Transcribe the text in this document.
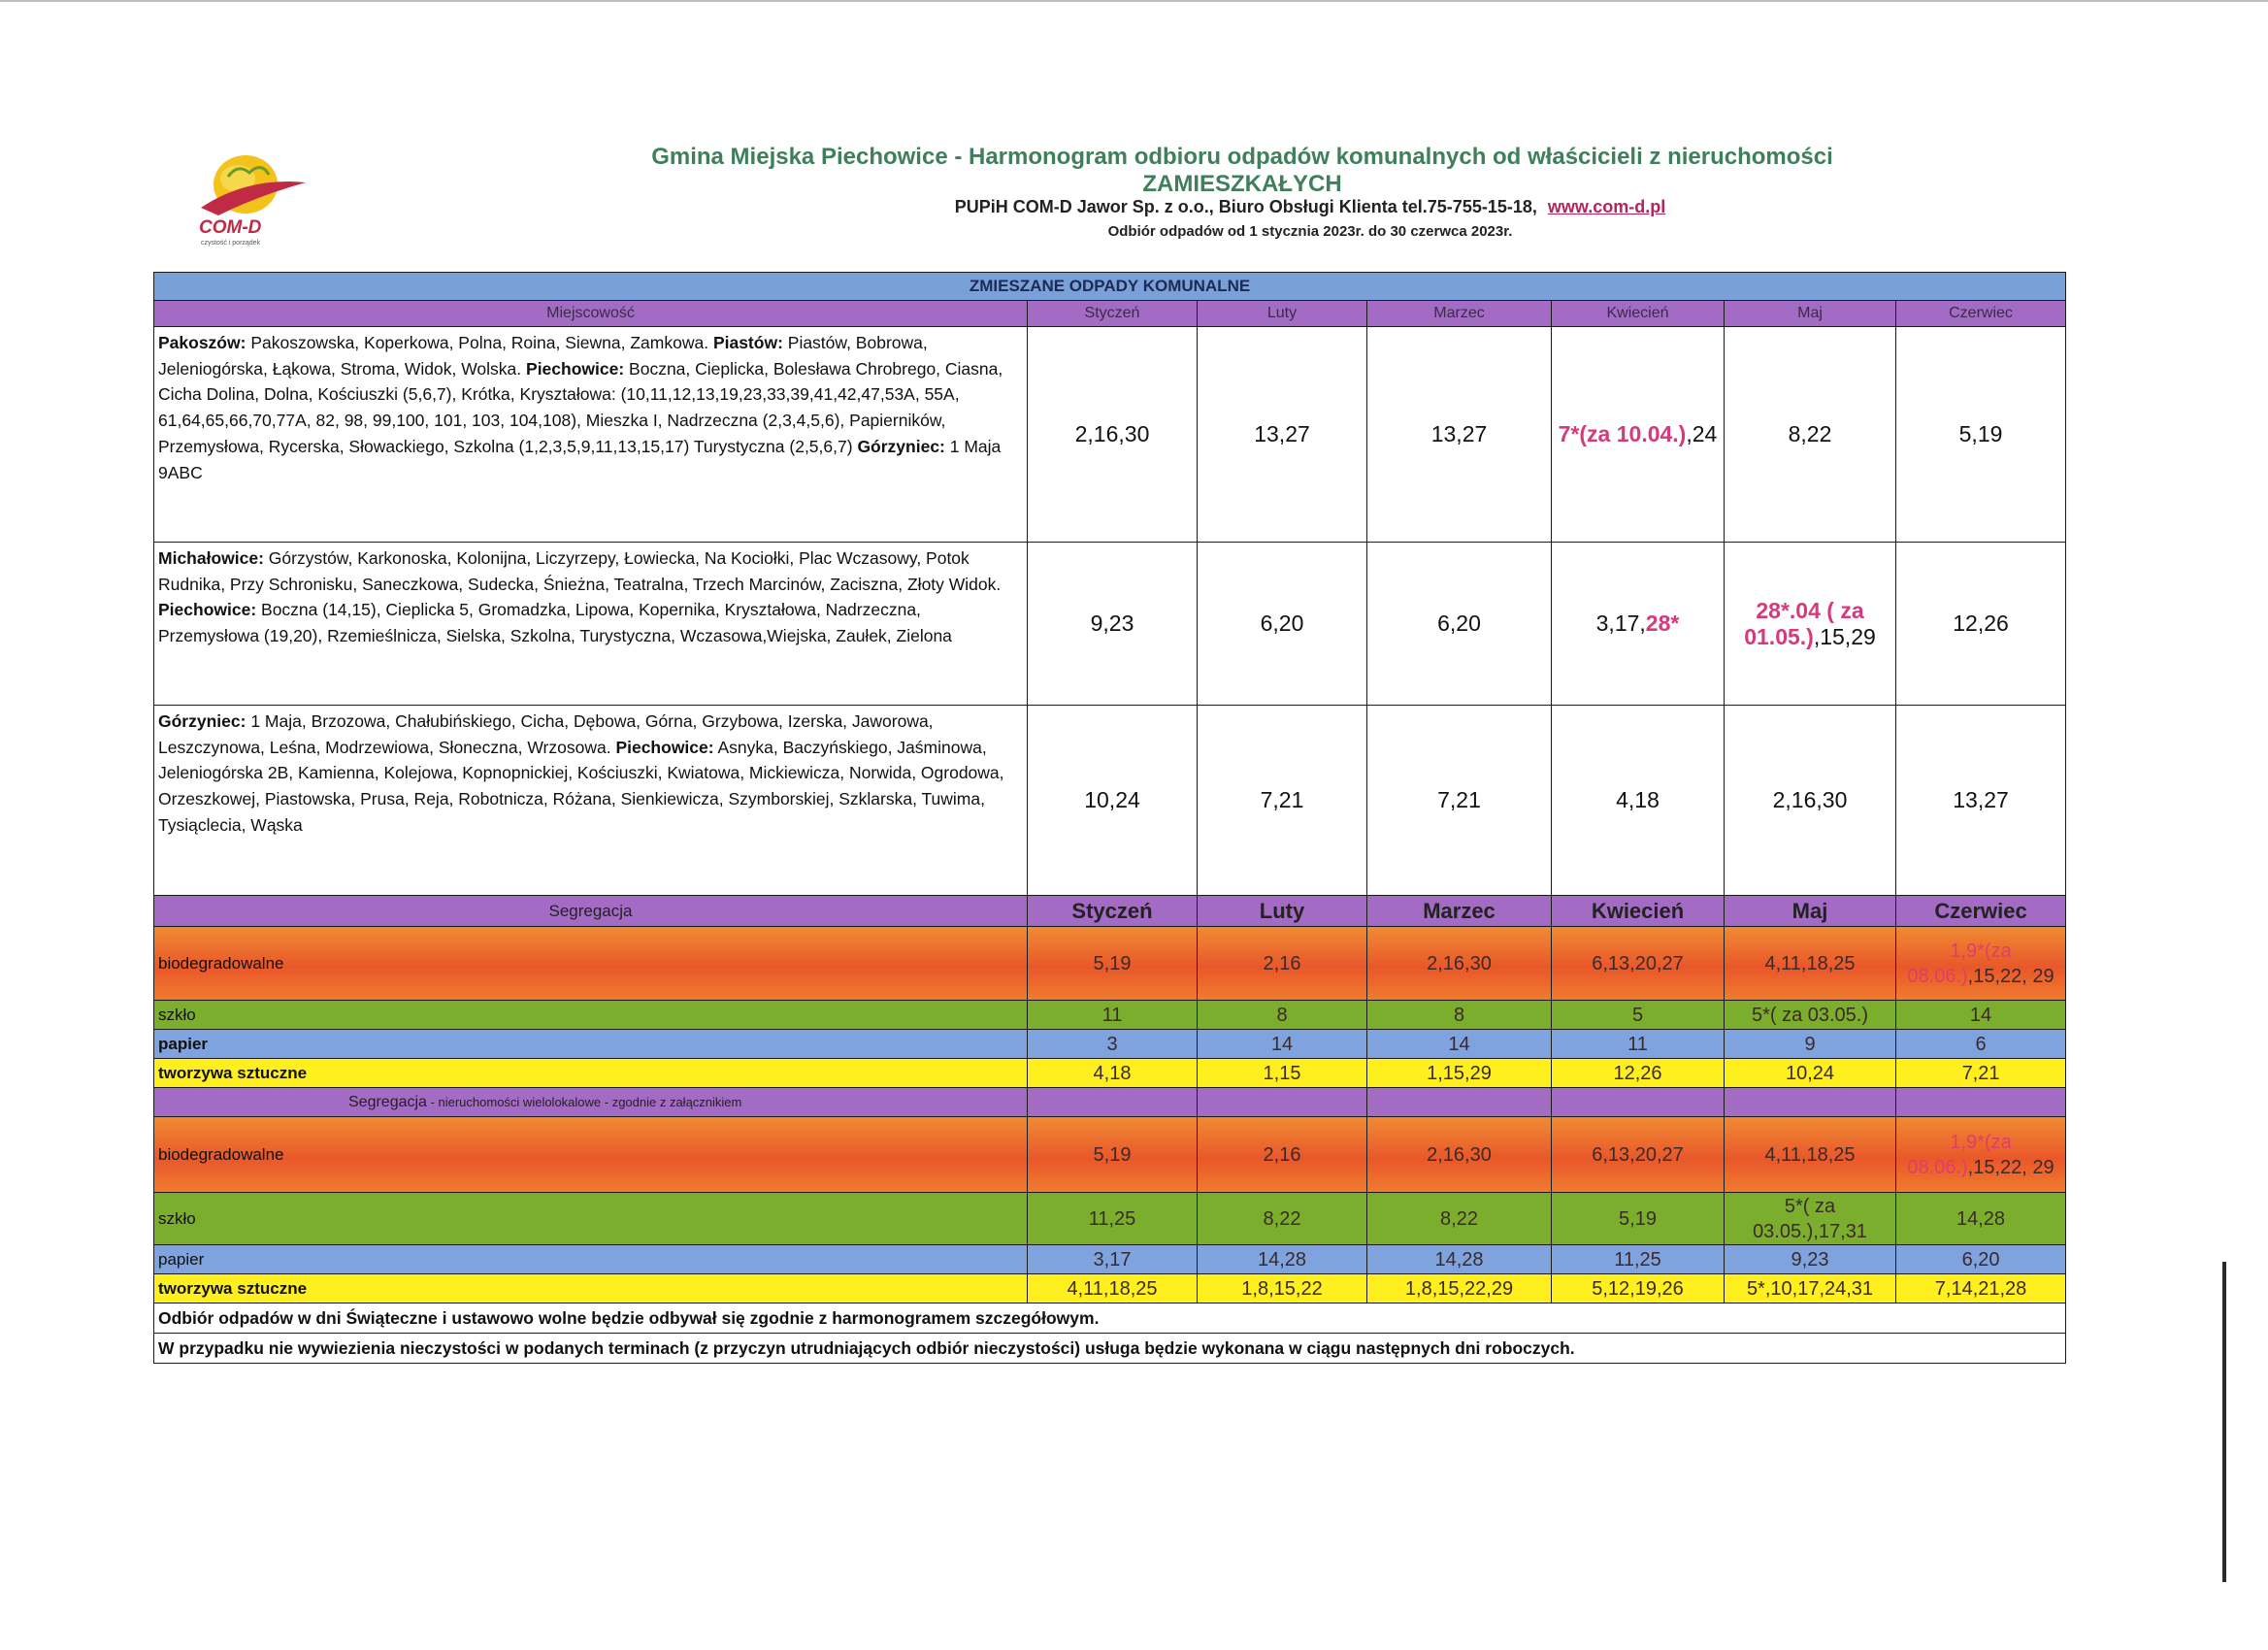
COM-D
czystość i porządek
Gmina Miejska Piechowice - Harmonogram odbioru odpadów komunalnych od właścicieli z nieruchomości ZAMIESZKAŁYCH
PUPiH COM-D Jawor Sp. z o.o., Biuro Obsługi Klienta tel.75-755-15-18, www.com-d.pl
Odbiór odpadów od 1 stycznia 2023r. do 30 czerwca 2023r.
ZMIESZANE ODPADY KOMUNALNE						
Miejscowość	Styczeń	Luty	Marzec	Kwiecień	Maj	Czerwiec
Pakoszów: Pakoszowska, Koperkowa, Polna, Roina, Siewna, Zamkowa. Piastów: Piastów, Bobrowa, Jeleniogórska, Łąkowa, Stroma, Widok, Wolska. Piechowice: Boczna, Cieplicka, Bolesława Chrobrego, Ciasna, Cicha Dolina, Dolna, Kościuszki (5,6,7), Krótka, Kryształowa: (10,11,12,13,19,23,33,39,41,42,47,53A, 55A, 61,64,65,66,70,77A, 82, 98, 99,100, 101, 103, 104,108), Mieszka I, Nadrzeczna (2,3,4,5,6), Papierników, Przemysłowa, Rycerska, Słowackiego, Szkolna (1,2,3,5,9,11,13,15,17) Turystyczna (2,5,6,7) Górzyniec: 1 Maja 9ABC	2,16,30	13,27	13,27	7*(za 10.04.),24	8,22	5,19
Michałowice: Górzystów, Karkonoska, Kolonijna, Liczyrzepy, Łowiecka, Na Kociołki, Plac Wczasowy, Potok Rudnika, Przy Schronisku, Saneczkowa, Sudecka, Śnieżna, Teatralna, Trzech Marcinów, Zaciszna, Złoty Widok. Piechowice: Boczna (14,15), Cieplicka 5, Gromadzka, Lipowa, Kopernika, Kryształowa, Nadrzeczna, Przemysłowa (19,20), Rzemieślnicza, Sielska, Szkolna, Turystyczna, Wczasowa,Wiejska, Zaułek, Zielona	9,23	6,20	6,20	3,17,28*	28*.04 ( za 01.05.),15,29	12,26
Górzyniec: 1 Maja, Brzozowa, Chałubińskiego, Cicha, Dębowa, Górna, Grzybowa, Izerska, Jaworowa, Leszczynowa, Leśna, Modrzewiowa, Słoneczna, Wrzosowa. Piechowice: Asnyka, Baczyńskiego, Jaśminowa, Jeleniogórska 2B, Kamienna, Kolejowa, Kopnopnickiej, Kościuszki, Kwiatowa, Mickiewicza, Norwida, Ogrodowa, Orzeszkowej, Piastowska, Prusa, Reja, Robotnicza, Różana, Sienkiewicza, Szymborskiej, Szklarska, Tuwima, Tysiąclecia, Wąska	10,24	7,21	7,21	4,18	2,16,30	13,27
Segregacja	Styczeń	Luty	Marzec	Kwiecień	Maj	Czerwiec
biodegradowalne	5,19	2,16	2,16,30	6,13,20,27	4,11,18,25	1,9*(za 08.06.),15,22, 29
szkło	11	8	8	5	5*( za 03.05.)	14
papier	3	14	14	11	9	6
tworzywa sztuczne	4,18	1,15	1,15,29	12,26	10,24	7,21
Segregacja - nieruchomości wielolokalowe - zgodnie z załącznikiem						
biodegradowalne	5,19	2,16	2,16,30	6,13,20,27	4,11,18,25	1,9*(za 08.06.),15,22, 29
szkło	11,25	8,22	8,22	5,19	5*( za 03.05.),17,31	14,28
papier	3,17	14,28	14,28	11,25	9,23	6,20
tworzywa sztuczne	4,11,18,25	1,8,15,22	1,8,15,22,29	5,12,19,26	5*,10,17,24,31	7,14,21,28
Odbiór odpadów w dni Świąteczne i ustawowo wolne będzie odbywał się zgodnie z harmonogramem szczegółowym.						
W przypadku nie wywiezienia nieczystości w podanych terminach (z przyczyn utrudniających odbiór nieczystości) usługa będzie wykonana w ciągu następnych dni roboczych.						
